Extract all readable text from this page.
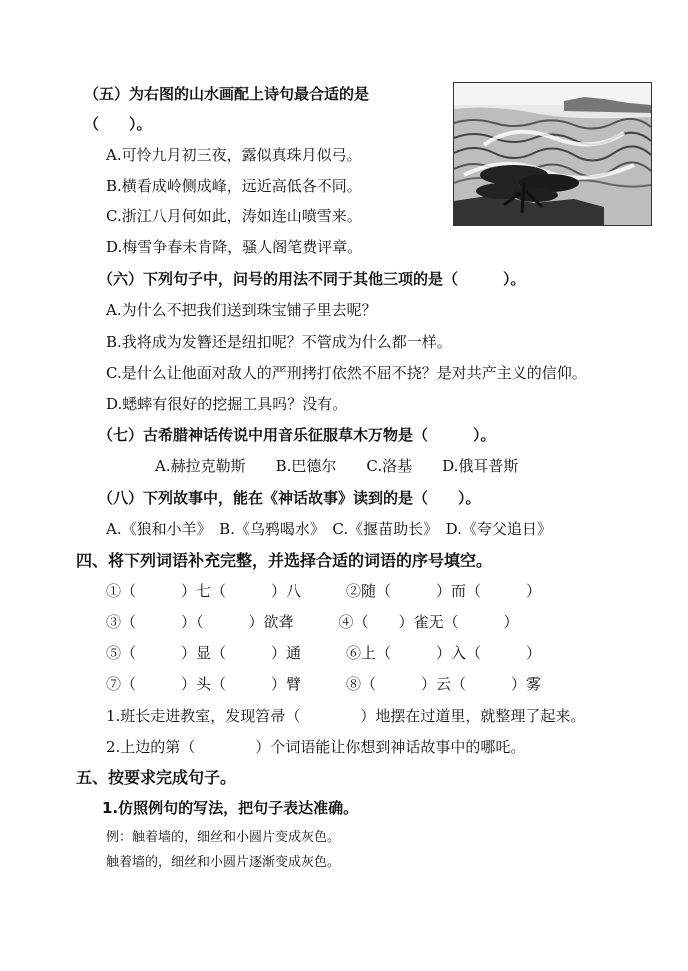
（五）为右图的山水画配上诗句最合适的是
（　　）。
A.可怜九月初三夜，露似真珠月似弓。
B.横看成岭侧成峰，远近高低各不同。
C.浙江八月何如此，涛如连山喷雪来。
D.梅雪争春未肯降，骚人阁笔费评章。
（六）下列句子中，问号的用法不同于其他三项的是（　　　）。
A.为什么不把我们送到珠宝铺子里去呢？
B.我将成为发簪还是纽扣呢？不管成为什么都一样。
C.是什么让他面对敌人的严刑拷打依然不屈不挠？是对共产主义的信仰。
D.蟋蟀有很好的挖掘工具吗？没有。
（七）古希腊神话传说中用音乐征服草木万物是（　　　）。
A.赫拉克勒斯　　B.巴德尔　　C.洛基　　D.俄耳普斯
（八）下列故事中，能在《神话故事》读到的是（　　）。
A.《狼和小羊》　B.《乌鸦喝水》　C.《揠苗助长》　D.《夸父追日》
四、将下列词语补充完整，并选择合适的词语的序号填空。
①（　　　）七（　　　）八　　　②随（　　　）而（　　　）
③（　　　）（　　　）欲聋　　　④（　　）雀无（　　　）
⑤（　　　）显（　　　）通　　　⑥上（　　　）入（　　　）
⑦（　　　）头（　　　）臂　　　⑧（　　　）云（　　　）雾
1.班长走进教室，发现笤帚（　　　　）地摆在过道里，就整理了起来。
2.上边的第（　　　　）个词语能让你想到神话故事中的哪吒。
五、按要求完成句子。
1.仿照例句的写法，把句子表达准确。
例：触着墙的，细丝和小圆片变成灰色。
触着墙的，细丝和小圆片逐渐变成灰色。
